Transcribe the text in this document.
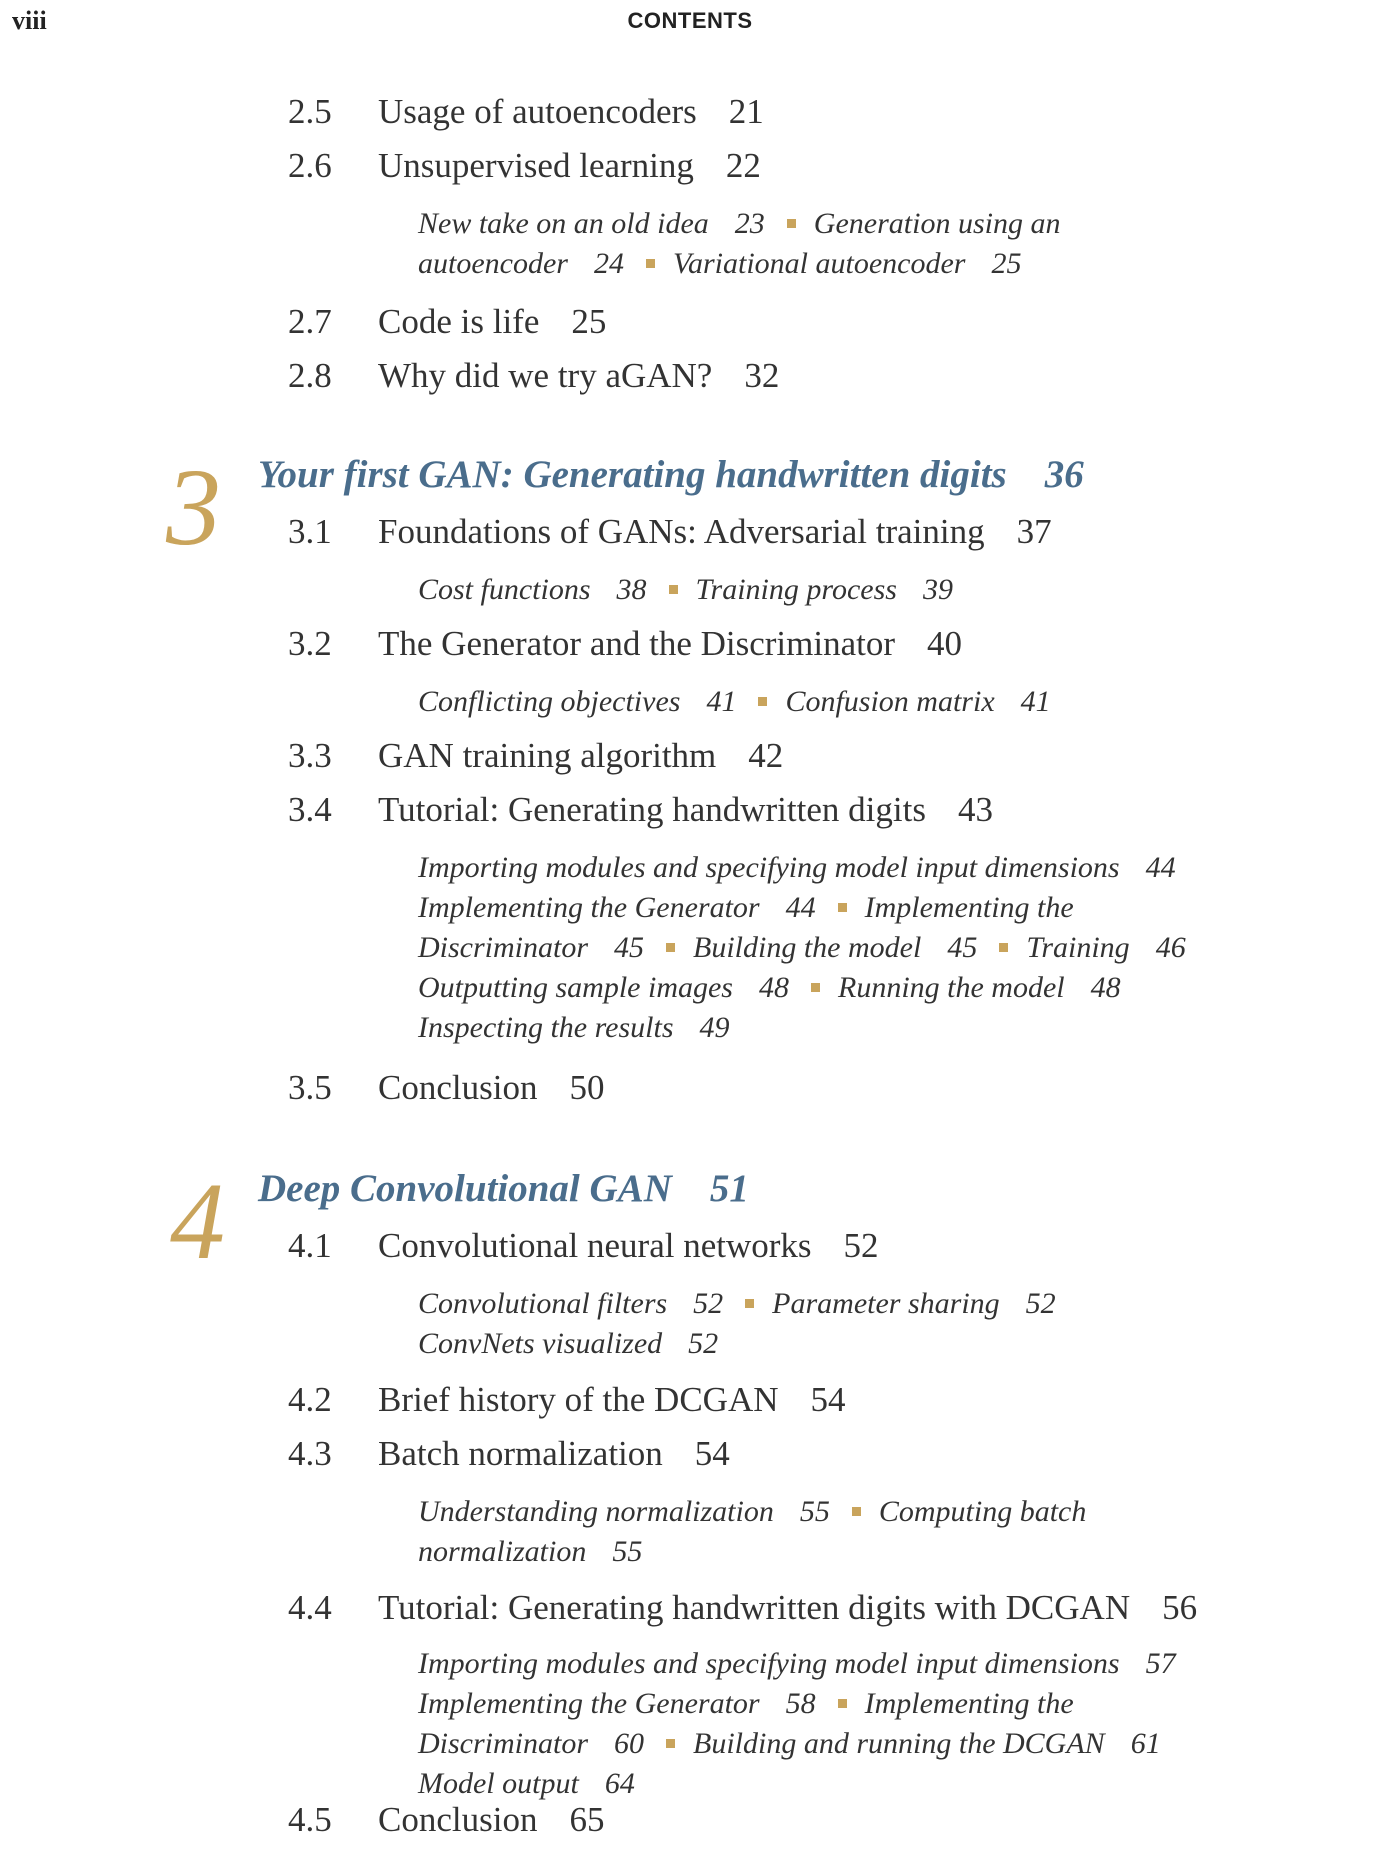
viii	CONTENTS
2.5 Usage of autoencoders 21
2.6 Unsupervised learning 22
New take on an old idea 23 Generation using an
autoencoder 24 Variational autoencoder 25
2.7 Code is life 25
2.8 Why did we try aGAN? 32
3 Your first GAN: Generating handwritten digits 36
3.1 Foundations of GANs: Adversarial training 37
Cost functions 38 Training process 39
3.2 The Generator and the Discriminator 40
Conflicting objectives 41 Confusion matrix 41
3.3 GAN training algorithm 42
3.4 Tutorial: Generating handwritten digits 43
Importing modules and specifying model input dimensions 44
Implementing the Generator 44 Implementing the
Discriminator 45 Building the model 45 Training 46
Outputting sample images 48 Running the model 48
Inspecting the results 49
3.5 Conclusion 50
4 Deep Convolutional GAN 51
4.1 Convolutional neural networks 52
Convolutional filters 52 Parameter sharing 52
ConvNets visualized 52
4.2 Brief history of the DCGAN 54
4.3 Batch normalization 54
Understanding normalization 55 Computing batch
normalization 55
4.4 Tutorial: Generating handwritten digits with DCGAN 56
Importing modules and specifying model input dimensions 57
Implementing the Generator 58 Implementing the
Discriminator 60 Building and running the DCGAN 61
Model output 64
4.5 Conclusion 65
